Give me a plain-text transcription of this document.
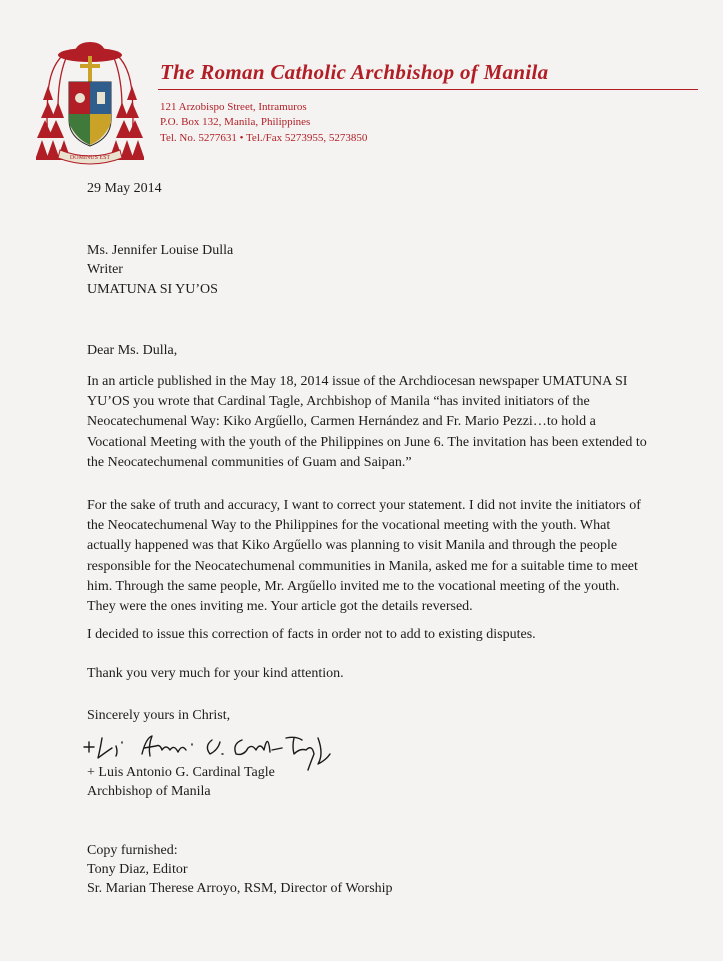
DOMINUS EST
The Roman Catholic Archbishop of Manila
121 Arzobispo Street, Intramuros
P.O. Box 132, Manila, Philippines
Tel. No. 5277631 • Tel./Fax 5273955, 5273850
29 May 2014
Ms. Jennifer Louise Dulla
Writer
UMATUNA SI YU’OS
Dear Ms. Dulla,

In an article published in the May 18, 2014 issue of the Archdiocesan newspaper UMATUNA SI YU’OS you wrote that Cardinal Tagle, Archbishop of Manila “has invited initiators of the Neocatechumenal Way: Kiko Argűello, Carmen Hernández and Fr. Mario Pezzi…to hold a Vocational Meeting with the youth of the Philippines on June 6. The invitation has been extended to the Neocatechumenal communities of Guam and Saipan.”

For the sake of truth and accuracy, I want to correct your statement. I did not invite the initiators of the Neocatechumenal Way to the Philippines for the vocational meeting with the youth. What actually happened was that Kiko Argűello was planning to visit Manila and through the people responsible for the Neocatechumenal communities in Manila, asked me for a suitable time to meet him. Through the same people, Mr. Argűello invited me to the vocational meeting of the youth. They were the ones inviting me. Your article got the details reversed.

I decided to issue this correction of facts in order not to add to existing disputes.

Thank you very much for your kind attention.

Sincerely yours in Christ,
+ Luis Antonio G. Cardinal Tagle
Archbishop of Manila
Copy furnished:
Tony Diaz, Editor
Sr. Marian Therese Arroyo, RSM, Director of Worship
